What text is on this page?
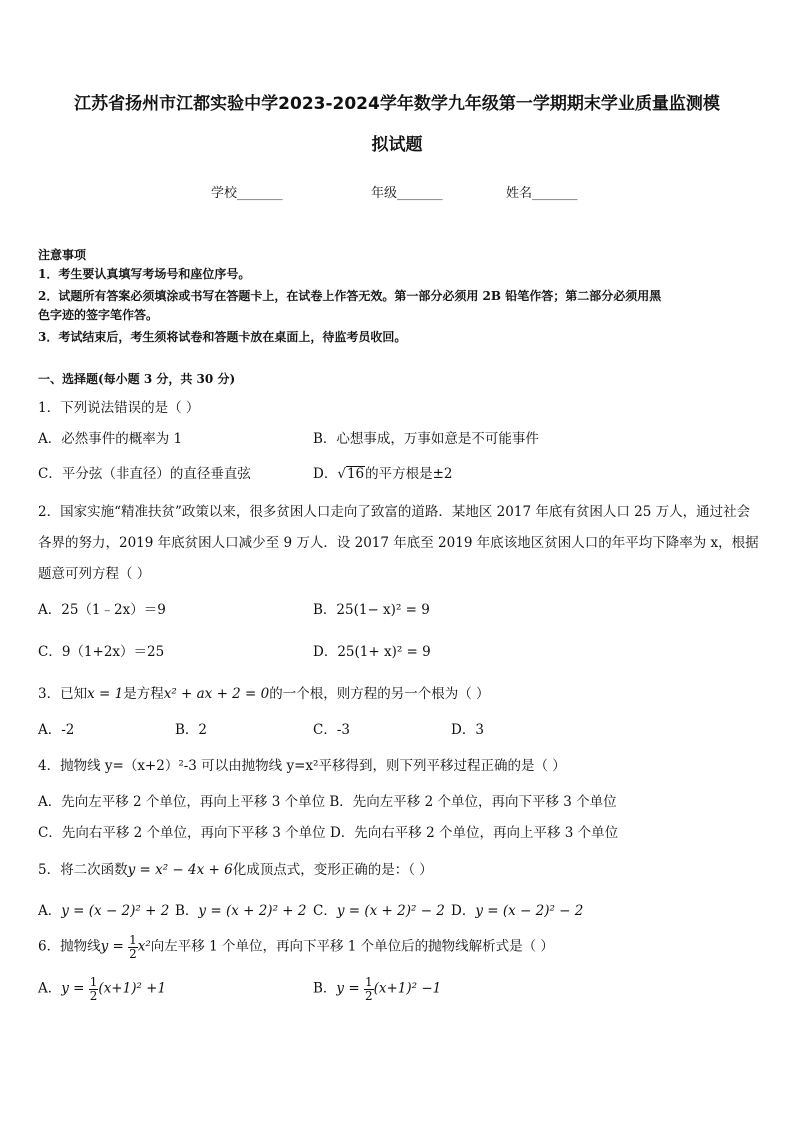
江苏省扬州市江都实验中学2023-2024学年数学九年级第一学期期末学业质量监测模
拟试题
学校_______	年级_______	姓名_______
注意事项
1．考生要认真填写考场号和座位序号。
2．试题所有答案必须填涂或书写在答题卡上，在试卷上作答无效。第一部分必须用 2B 铅笔作答；第二部分必须用黑
色字迹的签字笔作答。
3．考试结束后，考生须将试卷和答题卡放在桌面上，待监考员收回。
一、选择题(每小题 3 分，共 30 分)
1．下列说法错误的是（ ）
A．必然事件的概率为 1	B．心想事成，万事如意是不可能事件
C．平分弦（非直径）的直径垂直弦	D．√16的平方根是±2
2．国家实施“精准扶贫”政策以来，很多贫困人口走向了致富的道路．某地区 2017 年底有贫困人口 25 万人，通过社会
各界的努力，2019 年底贫困人口减少至 9 万人．设 2017 年底至 2019 年底该地区贫困人口的年平均下降率为 x，根据
题意可列方程（ ）
A．25（1﹣2x）＝9	B．25(1− x)² = 9
C．9（1+2x）＝25	D．25(1+ x)² = 9
3．已知x = 1是方程x² + ax + 2 = 0的一个根，则方程的另一个根为（ ）
A．-2	B．2	C．-3	D．3
4．抛物线 y=（x+2）²-3 可以由抛物线 y=x²平移得到，则下列平移过程正确的是（ ）
A．先向左平移 2 个单位，再向上平移 3 个单位 B．先向左平移 2 个单位，再向下平移 3 个单位
C．先向右平移 2 个单位，再向下平移 3 个单位 D．先向右平移 2 个单位，再向上平移 3 个单位
5．将二次函数y = x² − 4x + 6化成顶点式，变形正确的是：（ ）
A．y = (x − 2)² + 2 B．y = (x + 2)² + 2 C．y = (x + 2)² − 2 D．y = (x − 2)² − 2
6．抛物线$y = \frac{1}{2} x^2$向左平移 1 个单位，再向下平移 1 个单位后的抛物线解析式是（ ）
A．$y = \frac{1}{2} (x+1)^2 +1$	B．$y = \frac{1}{2} (x+1)^2 -1$
